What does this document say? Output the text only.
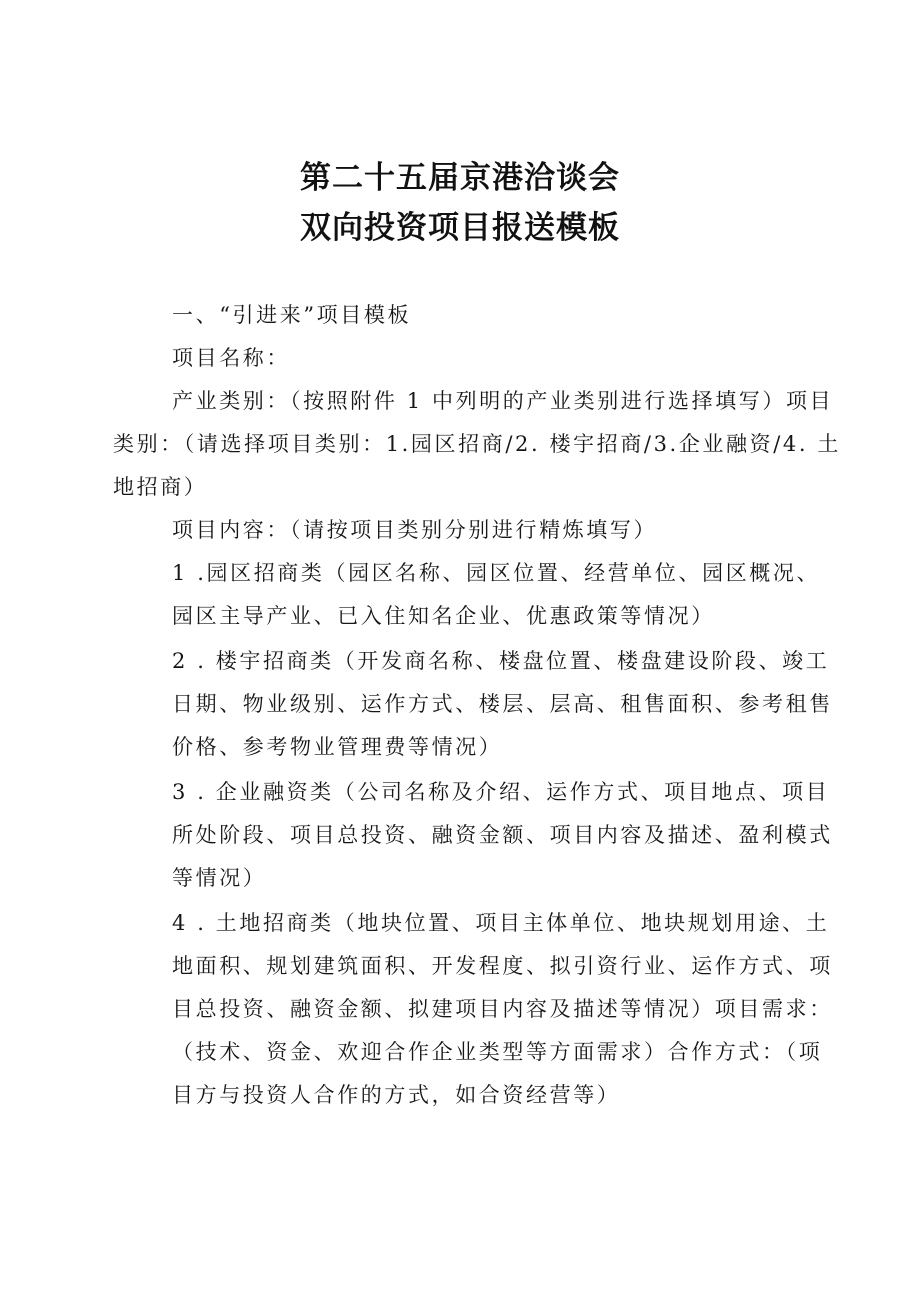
第二十五届京港洽谈会
双向投资项目报送模板
一、“引进来”项目模板
项目名称：
产业类别：（按照附件 1 中列明的产业类别进行选择填写）项目
类别：（请选择项目类别：1.园区招商/2. 楼宇招商/3.企业融资/4. 土
地招商）
项目内容：（请按项目类别分别进行精炼填写）
1 .园区招商类（园区名称、园区位置、经营单位、园区概况、
园区主导产业、已入住知名企业、优惠政策等情况）
2 . 楼宇招商类（开发商名称、楼盘位置、楼盘建设阶段、竣工
日期、物业级别、运作方式、楼层、层高、租售面积、参考租售
价格、参考物业管理费等情况）
3 . 企业融资类（公司名称及介绍、运作方式、项目地点、项目
所处阶段、项目总投资、融资金额、项目内容及描述、盈利模式
等情况）
4 . 土地招商类（地块位置、项目主体单位、地块规划用途、土
地面积、规划建筑面积、开发程度、拟引资行业、运作方式、项
目总投资、融资金额、拟建项目内容及描述等情况）项目需求：
（技术、资金、欢迎合作企业类型等方面需求）合作方式：（项
目方与投资人合作的方式，如合资经营等）
